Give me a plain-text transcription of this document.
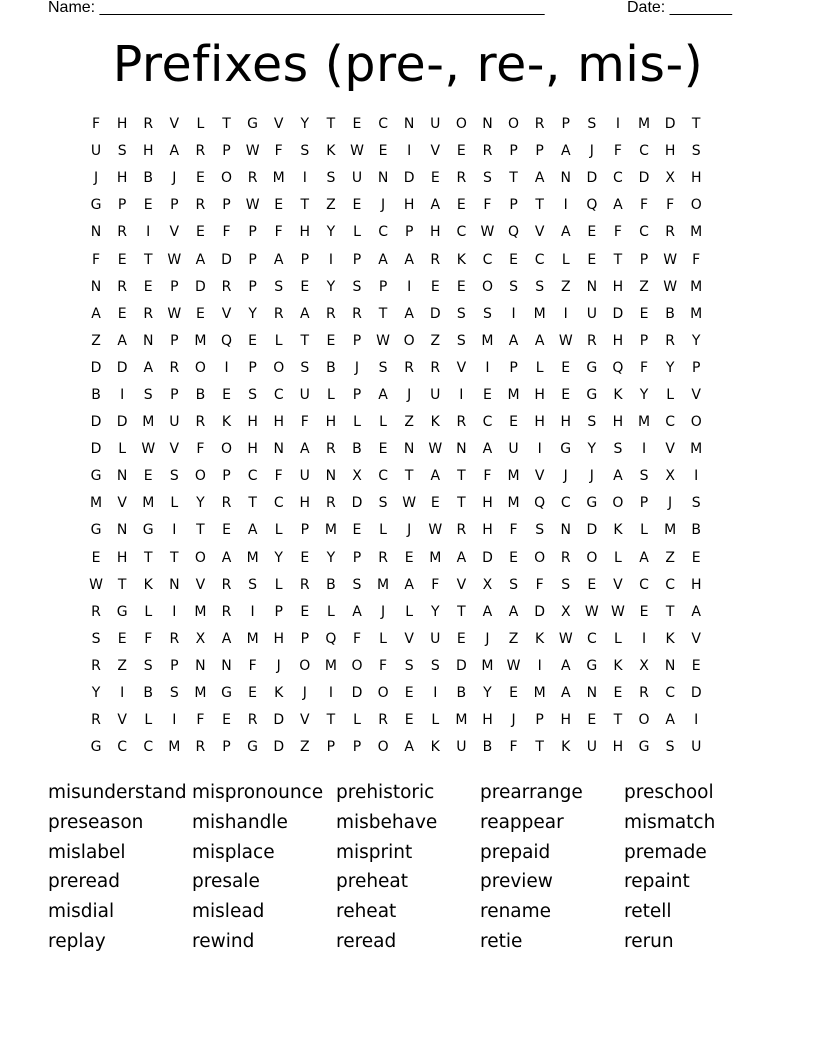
Name: __________________________________________________	Date: _______
Prefixes (pre-, re-, mis-)
F	H	R	V	L	T	G	V	Y	T	E	C	N	U	O	N	O	R	P	S	I	M	D	T
U	S	H	A	R	P	W	F	S	K	W	E	I	V	E	R	P	P	A	J	F	C	H	S
J	H	B	J	E	O	R	M	I	S	U	N	D	E	R	S	T	A	N	D	C	D	X	H
G	P	E	P	R	P	W	E	T	Z	E	J	H	A	E	F	P	T	I	Q	A	F	F	O
N	R	I	V	E	F	P	F	H	Y	L	C	P	H	C	W Q	V	A	E	F	C	R	M
F	E	T	W	A	D	P	A	P	I	P	A	A	R	K	C	E	C	L	E	T	P	W	F
N	R	E	P	D	R	P	S	E	Y	S	P	I	E	E	O	S	S	Z	N	H	Z	W M
A	E	R	W	E	V	Y	R	A	R	R	T	A	D	S	S	I	M	I	U	D	E	B	M
Z	A	N	P	M	Q	E	L	T	E	P	W O	Z	S	M	A	A	W	R	H	P	R	Y
D	D	A	R	O	I	P	O	S	B	J	S	R	R	V	I	P	L	E	G	Q	F	Y	P
B	I	S	P	B	E	S	C	U	L	P	A	J	U	I	E	M	H	E	G	K	Y	L	V
D	D	M	U	R	K	H	H	F	H	L	L	Z	K	R	C	E	H	H	S	H	M	C	O
D	L	W	V	F	O	H	N	A	R	B	E	N W N	A	U	I	G	Y	S	I	V	M
G	N	E	S	O	P	C	F	U	N	X	C	T	A	T	F	M	V	J	J	A	S	X	I
M	V	M	L	Y	R	T	C	H	R	D	S	W	E	T	H	M	Q	C	G	O	P	J	S
G	N	G	I	T	E	A	L	P	M	E	L	J	W	R	H	F	S	N	D	K	L	M	B
E	H	T	T	O	A	M	Y	E	Y	P	R	E	M	A	D	E	O	R	O	L	A	Z	E
W	T	K	N	V	R	S	L	R	B	S	M	A	F	V	X	S	F	S	E	V	C	C	H
R	G	L	I	M	R	I	P	E	L	A	J	L	Y	T	A	A	D	X	W W	E	T	A
S	E	F	R	X	A	M	H	P	Q	F	L	V	U	E	J	Z	K	W	C	L	I	K	V
R	Z	S	P	N	N	F	J	O	M	O	F	S	S	D	M W	I	A	G	K	X	N	E
Y	I	B	S	M	G	E	K	J	I	D	O	E	I	B	Y	E	M	A	N	E	R	C	D
R	V	L	I	F	E	R	D	V	T	L	R	E	L	M	H	J	P	H	E	T	O	A	I
G	C	C	M	R	P	G	D	Z	P	P	O	A	K	U	B	F	T	K	U	H	G	S	U
misunderstand mispronounce prehistoric	prearrange	preschool
preseason	mishandle	misbehave	reappear	mismatch
mislabel	misplace	misprint	prepaid	premade
preread	presale	preheat	preview	repaint
misdial	mislead	reheat	rename	retell
replay	rewind	reread	retie	rerun
